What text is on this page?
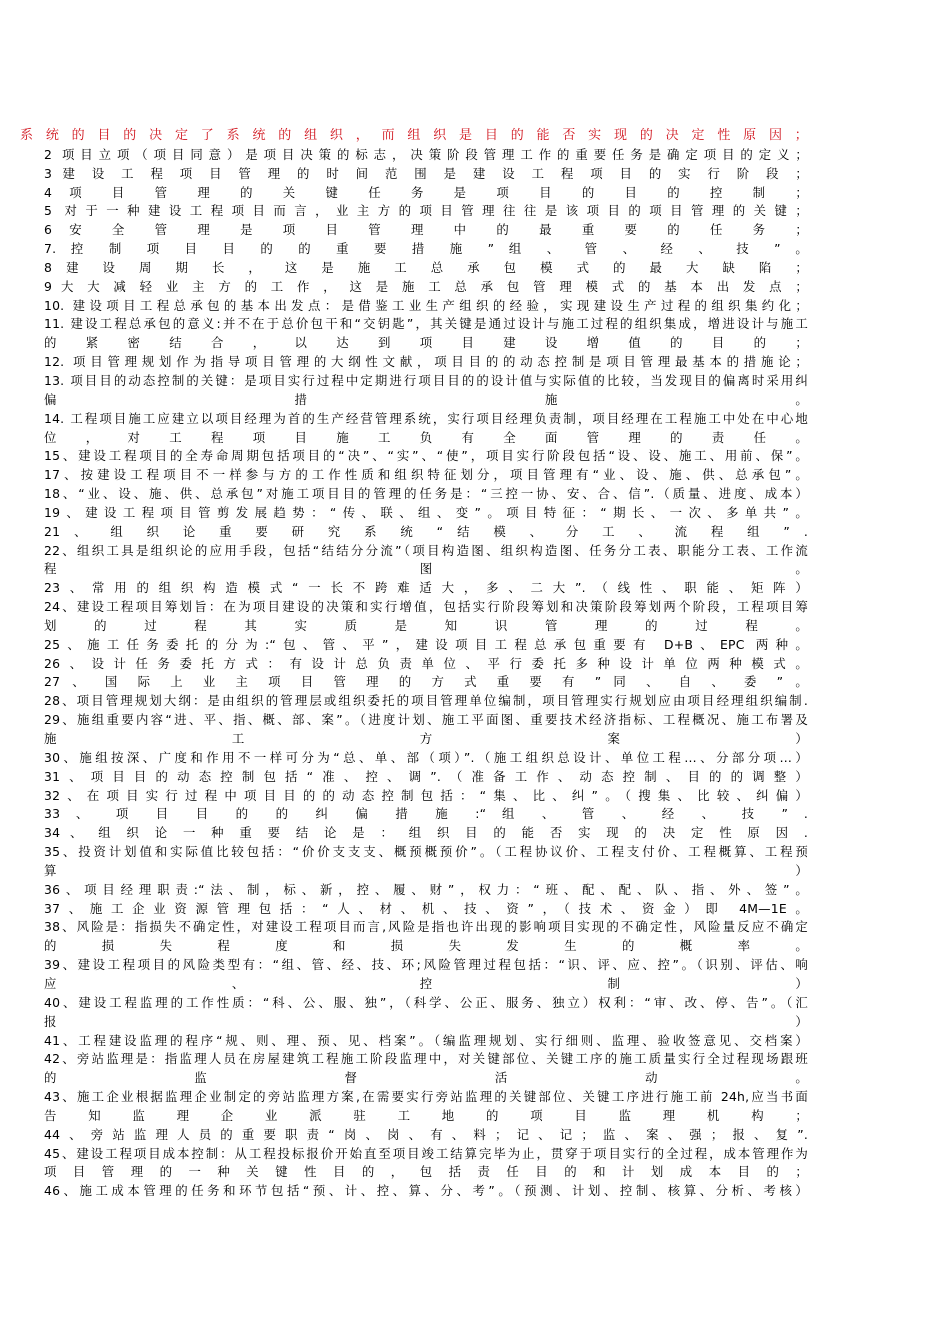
系 统 的 目 的 决 定 了 系 统 的 组 织 ， 而 组 织 是 目 的 能 否 实 现 的 决 定 性 原 因 ；
2 项目立项（项目同意）是项目决策的标志，决策阶段管理工作的重要任务是确定项目的定义；
3 建 设 工 程 项 目 管 理 的 时 间 范 围 是 建 设 工 程 项 目 的 实 行 阶 段 ；
4 项 目 管 理 的 关 键 任 务 是 项 目 的 目 的 控 制 ；
5 对于一种建设工程项目而言，业主方的项目管理往往是该项目的项目管理的关键；
6 安 全 管 理 是 项 目 管 理 中 的 最 重 要 的 任 务 ；
7. 控 制 项 目 目 的 的 重 要 措 施 ” 组 、 管 、 经 、 技 ” 。
8 建 设 周 期 长 ， 这 是 施 工 总 承 包 模 式 的 最 大 缺 陷 ；
9 大 大 减 轻 业 主 方 的 工 作 ， 这 是 施 工 总 承 包 管 理 模 式 的 基 本 出 发 点 ；
10. 建设项目工程总承包的基本出发点：是借鉴工业生产组织的经验，实现建设生产过程的组织集约化；
11. 建设工程总承包的意义:并不在于总价包干和“交钥匙”，其关键是通过设计与施工过程的组织集成，增进设计与施工
的 紧 密 结 合 ， 以 达 到 项 目 建 设 增 值 的 目 的 ；
12. 项目管理规划作为指导项目管理的大纲性文献，项目目的的动态控制是项目管理最基本的措施论；
13. 项目目的动态控制的关键：是项目实行过程中定期进行项目目的的设计值与实际值的比较，当发现目的偏离时采用纠
偏 措 施 。
14. 工程项目施工应建立以项目经理为首的生产经营管理系统，实行项目经理负责制，项目经理在工程施工中处在中心地
位 ， 对 工 程 项 目 施 工 负 有 全 面 管 理 的 责 任 。
15、建设工程项目的全寿命周期包括项目的“决”、“实”、“使”，项目实行阶段包括“设、设、施工、用前、保”。
17、按建设工程项目不一样参与方的工作性质和组织特征划分，项目管理有“业、设、施、供、总承包”。
18、“业、设、施、供、总承包”对施工项目目的管理的任务是：“三控一协、安、合、信”.（质量、进度、成本）
19、建设工程项目管剪发展趋势：“传、联、组、变”。项目特征：“期长、一次、多单共”。
21 、 组 织 论 重 要 研 究 系 统 “ 结 模 、 分 工 、 流 程 组 ” .
22、组织工具是组织论的应用手段，包括“结结分分流”（项目构造图、组织构造图、任务分工表、职能分工表、工作流
程 图 。
23、常用的组织构造模式“一长不跨难适大，多、二大”.（线性、职能、矩阵）
24、建设工程项目筹划旨：在为项目建设的决策和实行增值，包括实行阶段筹划和决策阶段筹划两个阶段，工程项目筹
划 的 过 程 其 实 质 是 知 识 管 理 的 过 程 。
25、施工任务委托的分为:“包、管、平”，建设项目工程总承包重要有 D+B、EPC 两种。
26、设计任务委托方式：有设计总负责单位、平行委托多种设计单位两种模式。
27 、 国 际 上 业 主 项 目 管 理 的 方 式 重 要 有 ” 同 、 自 、 委 ” 。
28、项目管理规划大纲：是由组织的管理层或组织委托的项目管理单位编制，项目管理实行规划应由项目经理组织编制.
29、施组重要内容“进、平、指、概、部、案”。（进度计划、施工平面图、重要技术经济指标、工程概况、施工布署及
施 工 方 案 ）
30、施组按深、广度和作用不一样可分为“总、单、部（项）”.（施工组织总设计、单位工程…、分部分项…）
31、项目目的动态控制包括“准、控、调”.（准备工作、动态控制、目的的调整）
32、在项目实行过程中项目目的的动态控制包括：“集、比、纠”。（搜集、比较、纠偏）
33 、 项 目 目 的 的 纠 偏 措 施 :“ 组 、 管 、 经 、 技 ” .
34 、 组 织 论 一 种 重 要 结 论 是 ： 组 织 目 的 能 否 实 现 的 决 定 性 原 因 .
35、投资计划值和实际值比较包括：“价价支支支、概预概预价”。（工程协议价、工程支付价、工程概算、工程预
算 ）
36、项目经理职责:“法、制，标、新，控、履、财”，权力：“班、配、配、队、指、外、签”。
37、施工企业资源管理包括：“人、材、机、技、资”，（技术、资金）即 4M—1E。
38、风险是：指损失不确定性，对建设工程项目而言,风险是指也许出现的影响项目实现的不确定性，风险量反应不确定
的 损 失 程 度 和 损 失 发 生 的 概 率 。
39、建设工程项目的风险类型有：“组、管、经、技、环;风险管理过程包括：“识、评、应、控”。（识别、评估、响
应 、 控 制 ）
40、建设工程监理的工作性质：“科、公、服、独”，（科学、公正、服务、独立）权利：“审、改、停、告”。（汇
报 ）
41、工程建设监理的程序“规、则、理、预、见、档案”。（编监理规划、实行细则、监理、验收签意见、交档案）
42、旁站监理是：指监理人员在房屋建筑工程施工阶段监理中，对关键部位、关键工序的施工质量实行全过程现场跟班
的 监 督 活 动 。
43、施工企业根据监理企业制定的旁站监理方案,在需要实行旁站监理的关键部位、关键工序进行施工前 24h,应当书面
告 知 监 理 企 业 派 驻 工 地 的 项 目 监 理 机 构 ；
44、旁站监理人员的重要职责“岗、岗、有、料；记、记；监、案、强；报、复”.
45、建设工程项目成本控制：从工程投标报价开始直至项目竣工结算完毕为止，贯穿于项目实行的全过程，成本管理作为
项 目 管 理 的 一 种 关 键 性 目 的 ， 包 括 责 任 目 的 和 计 划 成 本 目 的 ；
46、施工成本管理的任务和环节包括“预、计、控、算、分、考”。（预测、计划、控制、核算、分析、考核）
